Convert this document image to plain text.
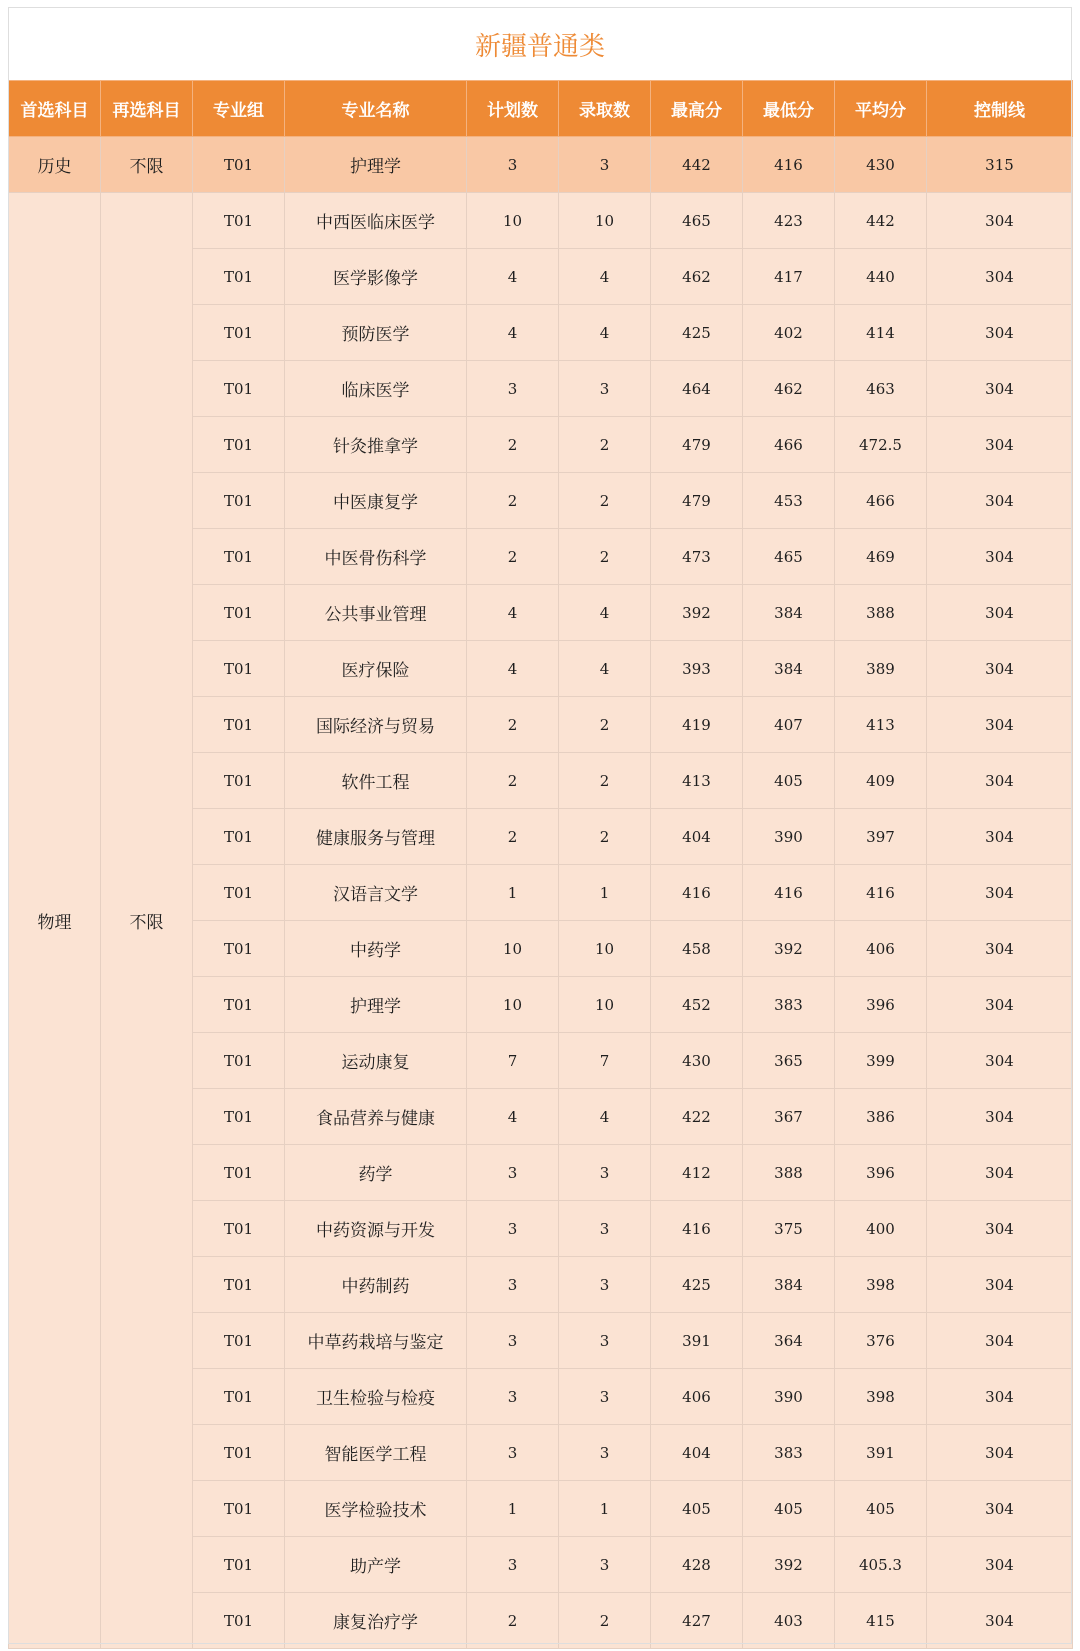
新疆普通类
首选科目	再选科目	专业组	专业名称	计划数	录取数	最高分	最低分	平均分	控制线
历史	不限	T01	护理学	3	3	442	416	430	315
物理	不限	T01	中西医临床医学	10	10	465	423	442	304
		T01	医学影像学	4	4	462	417	440	304
		T01	预防医学	4	4	425	402	414	304
		T01	临床医学	3	3	464	462	463	304
		T01	针灸推拿学	2	2	479	466	472.5	304
		T01	中医康复学	2	2	479	453	466	304
		T01	中医骨伤科学	2	2	473	465	469	304
		T01	公共事业管理	4	4	392	384	388	304
		T01	医疗保险	4	4	393	384	389	304
		T01	国际经济与贸易	2	2	419	407	413	304
		T01	软件工程	2	2	413	405	409	304
		T01	健康服务与管理	2	2	404	390	397	304
		T01	汉语言文学	1	1	416	416	416	304
		T01	中药学	10	10	458	392	406	304
		T01	护理学	10	10	452	383	396	304
		T01	运动康复	7	7	430	365	399	304
		T01	食品营养与健康	4	4	422	367	386	304
		T01	药学	3	3	412	388	396	304
		T01	中药资源与开发	3	3	416	375	400	304
		T01	中药制药	3	3	425	384	398	304
		T01	中草药栽培与鉴定	3	3	391	364	376	304
		T01	卫生检验与检疫	3	3	406	390	398	304
		T01	智能医学工程	3	3	404	383	391	304
		T01	医学检验技术	1	1	405	405	405	304
		T01	助产学	3	3	428	392	405.3	304
		T01	康复治疗学	2	2	427	403	415	304
